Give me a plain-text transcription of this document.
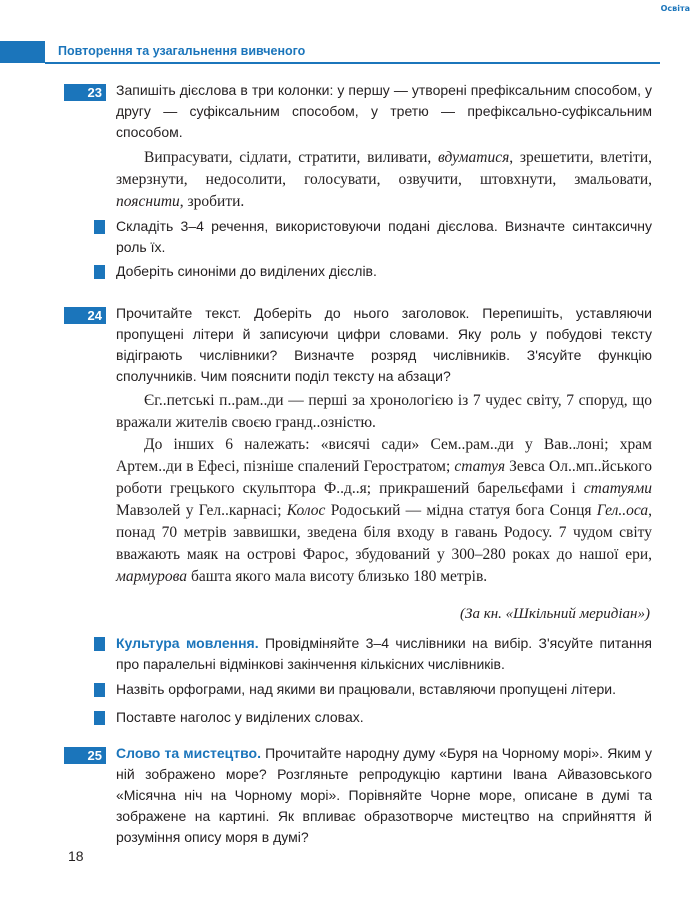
Освіта
Повторення та узагальнення вивченого
23 Запишіть дієслова в три колонки: у першу — утворені префіксальним способом, у другу — суфіксальним способом, у третю — префіксально-суфіксальним способом.
Випрасувати, сідлати, стратити, виливати, вдуматися, зрешетити, влетіти, змерзнути, недосолити, голосувати, озвучити, штовхнути, змальовати, пояснити, зробити.
Складіть 3–4 речення, використовуючи подані дієслова. Визначте синтаксичну роль їх.
Доберіть синоніми до виділених дієслів.
24 Прочитайте текст. Доберіть до нього заголовок. Перепишіть, уставляючи пропущені літери й записуючи цифри словами. Яку роль у побудові тексту відіграють числівники? Визначте розряд числівників. З'ясуйте функцію сполучників. Чим пояснити поділ тексту на абзаци?
Єг..петські п..рам..ди — перші за хронологією із 7 чудес світу, 7 споруд, що вражали жителів своєю гранд..озністю.
До інших 6 належать: «висячі сади» Сем..рам..ди у Вав..лоні; храм Артем..ди в Ефесі, пізніше спалений Геростратом; статуя Зевса Ол..мп..йського роботи грецького скульптора Ф..д..я; прикрашений барельєфами і статуями Мавзолей у Гел..карнасі; Колос Родоський — мідна статуя бога Сонця Гел..оса, понад 70 метрів заввишки, зведена біля входу в гавань Родосу. 7 чудом світу вважають маяк на острові Фарос, збудований у 300–280 роках до нашої ери, мармурова башта якого мала висоту близько 180 метрів.
(За кн. «Шкільний меридіан»)
Культура мовлення. Провідміняйте 3–4 числівники на вибір. З'ясуйте питання про паралельні відмінкові закінчення кількісних числівників.
Назвіть орфограми, над якими ви працювали, вставляючи пропущені літери.
Поставте наголос у виділених словах.
25 Слово та мистецтво. Прочитайте народну думу «Буря на Чорному морі». Яким у ній зображено море? Розгляньте репродукцію картини Івана Айвазовського «Місячна ніч на Чорному морі». Порівняйте Чорне море, описане в думі та зображене на картині. Як впливає образотворче мистецтво на сприйняття й розуміння опису моря в думі?
18
